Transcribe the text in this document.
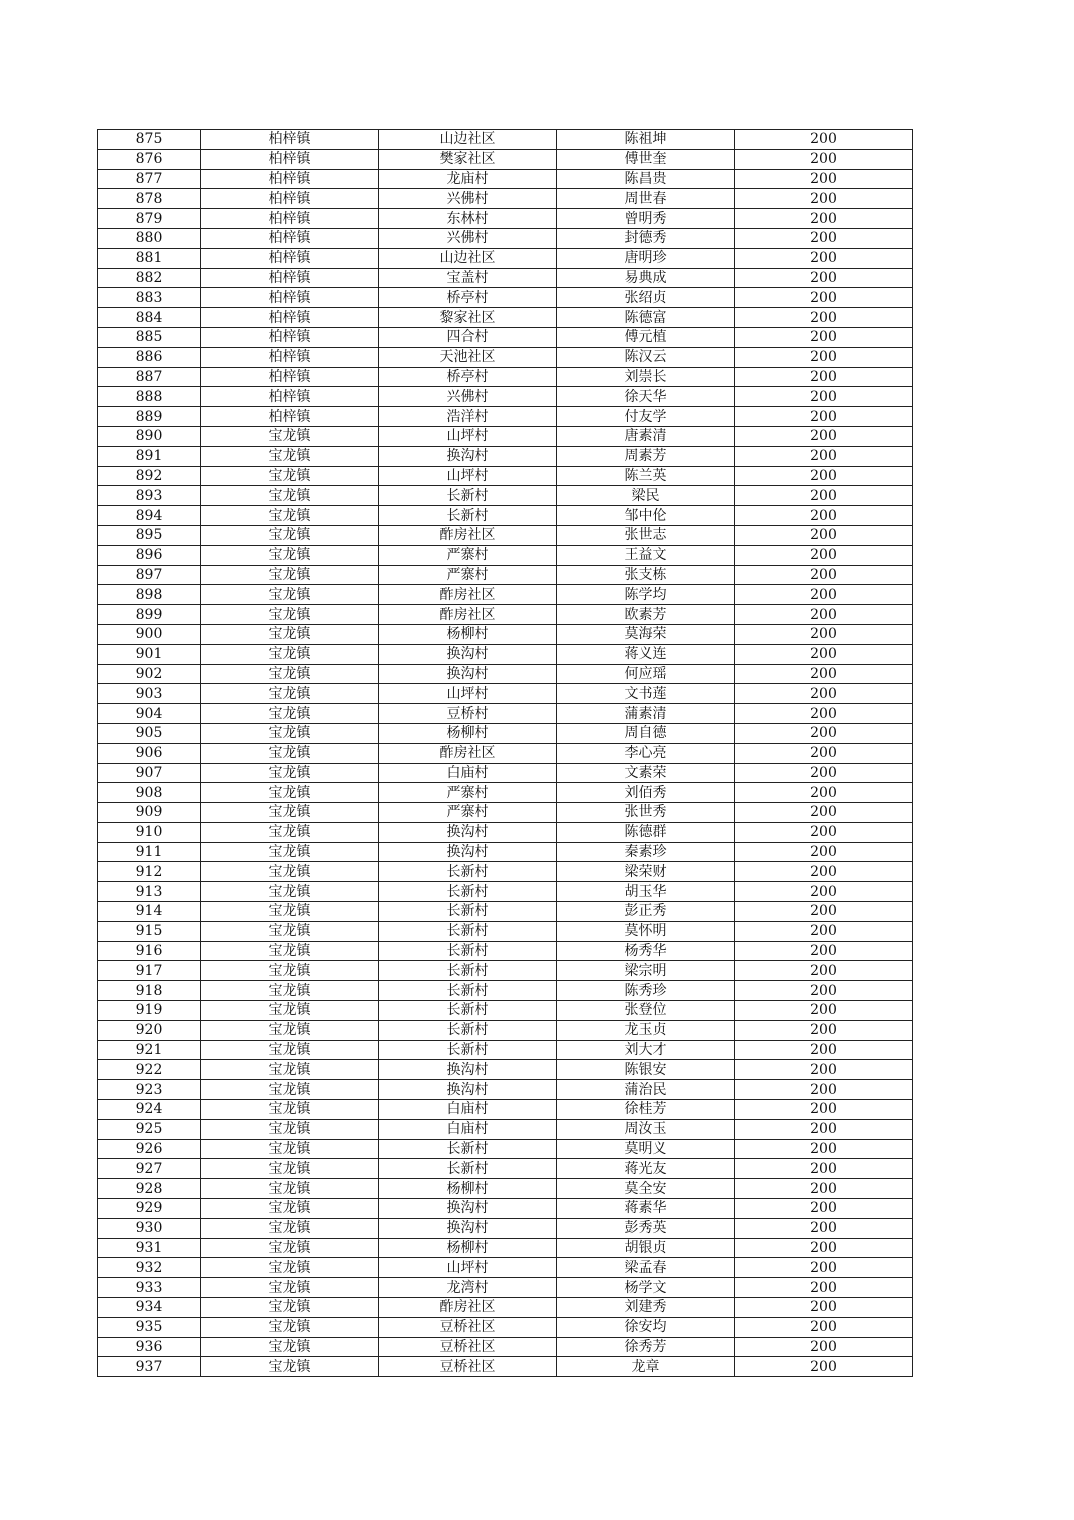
875	柏梓镇	山边社区	陈祖坤	200
876	柏梓镇	樊家社区	傅世奎	200
877	柏梓镇	龙庙村	陈昌贵	200
878	柏梓镇	兴佛村	周世春	200
879	柏梓镇	东林村	曾明秀	200
880	柏梓镇	兴佛村	封德秀	200
881	柏梓镇	山边社区	唐明珍	200
882	柏梓镇	宝盖村	易典成	200
883	柏梓镇	桥亭村	张绍贞	200
884	柏梓镇	黎家社区	陈德富	200
885	柏梓镇	四合村	傅元植	200
886	柏梓镇	天池社区	陈汉云	200
887	柏梓镇	桥亭村	刘崇长	200
888	柏梓镇	兴佛村	徐天华	200
889	柏梓镇	浩洋村	付友学	200
890	宝龙镇	山坪村	唐素清	200
891	宝龙镇	换沟村	周素芳	200
892	宝龙镇	山坪村	陈兰英	200
893	宝龙镇	长新村	梁民	200
894	宝龙镇	长新村	邹中伦	200
895	宝龙镇	酢房社区	张世志	200
896	宝龙镇	严寨村	王益文	200
897	宝龙镇	严寨村	张支栋	200
898	宝龙镇	酢房社区	陈学均	200
899	宝龙镇	酢房社区	欧素芳	200
900	宝龙镇	杨柳村	莫海荣	200
901	宝龙镇	换沟村	蒋义连	200
902	宝龙镇	换沟村	何应瑶	200
903	宝龙镇	山坪村	文书莲	200
904	宝龙镇	豆桥村	蒲素清	200
905	宝龙镇	杨柳村	周自德	200
906	宝龙镇	酢房社区	李心亮	200
907	宝龙镇	白庙村	文素荣	200
908	宝龙镇	严寨村	刘佰秀	200
909	宝龙镇	严寨村	张世秀	200
910	宝龙镇	换沟村	陈德群	200
911	宝龙镇	换沟村	秦素珍	200
912	宝龙镇	长新村	梁荣财	200
913	宝龙镇	长新村	胡玉华	200
914	宝龙镇	长新村	彭正秀	200
915	宝龙镇	长新村	莫怀明	200
916	宝龙镇	长新村	杨秀华	200
917	宝龙镇	长新村	梁宗明	200
918	宝龙镇	长新村	陈秀珍	200
919	宝龙镇	长新村	张登位	200
920	宝龙镇	长新村	龙玉贞	200
921	宝龙镇	长新村	刘大才	200
922	宝龙镇	换沟村	陈银安	200
923	宝龙镇	换沟村	蒲治民	200
924	宝龙镇	白庙村	徐桂芳	200
925	宝龙镇	白庙村	周汝玉	200
926	宝龙镇	长新村	莫明义	200
927	宝龙镇	长新村	蒋光友	200
928	宝龙镇	杨柳村	莫全安	200
929	宝龙镇	换沟村	蒋素华	200
930	宝龙镇	换沟村	彭秀英	200
931	宝龙镇	杨柳村	胡银贞	200
932	宝龙镇	山坪村	梁孟春	200
933	宝龙镇	龙湾村	杨学文	200
934	宝龙镇	酢房社区	刘建秀	200
935	宝龙镇	豆桥社区	徐安均	200
936	宝龙镇	豆桥社区	徐秀芳	200
937	宝龙镇	豆桥社区	龙章	200
